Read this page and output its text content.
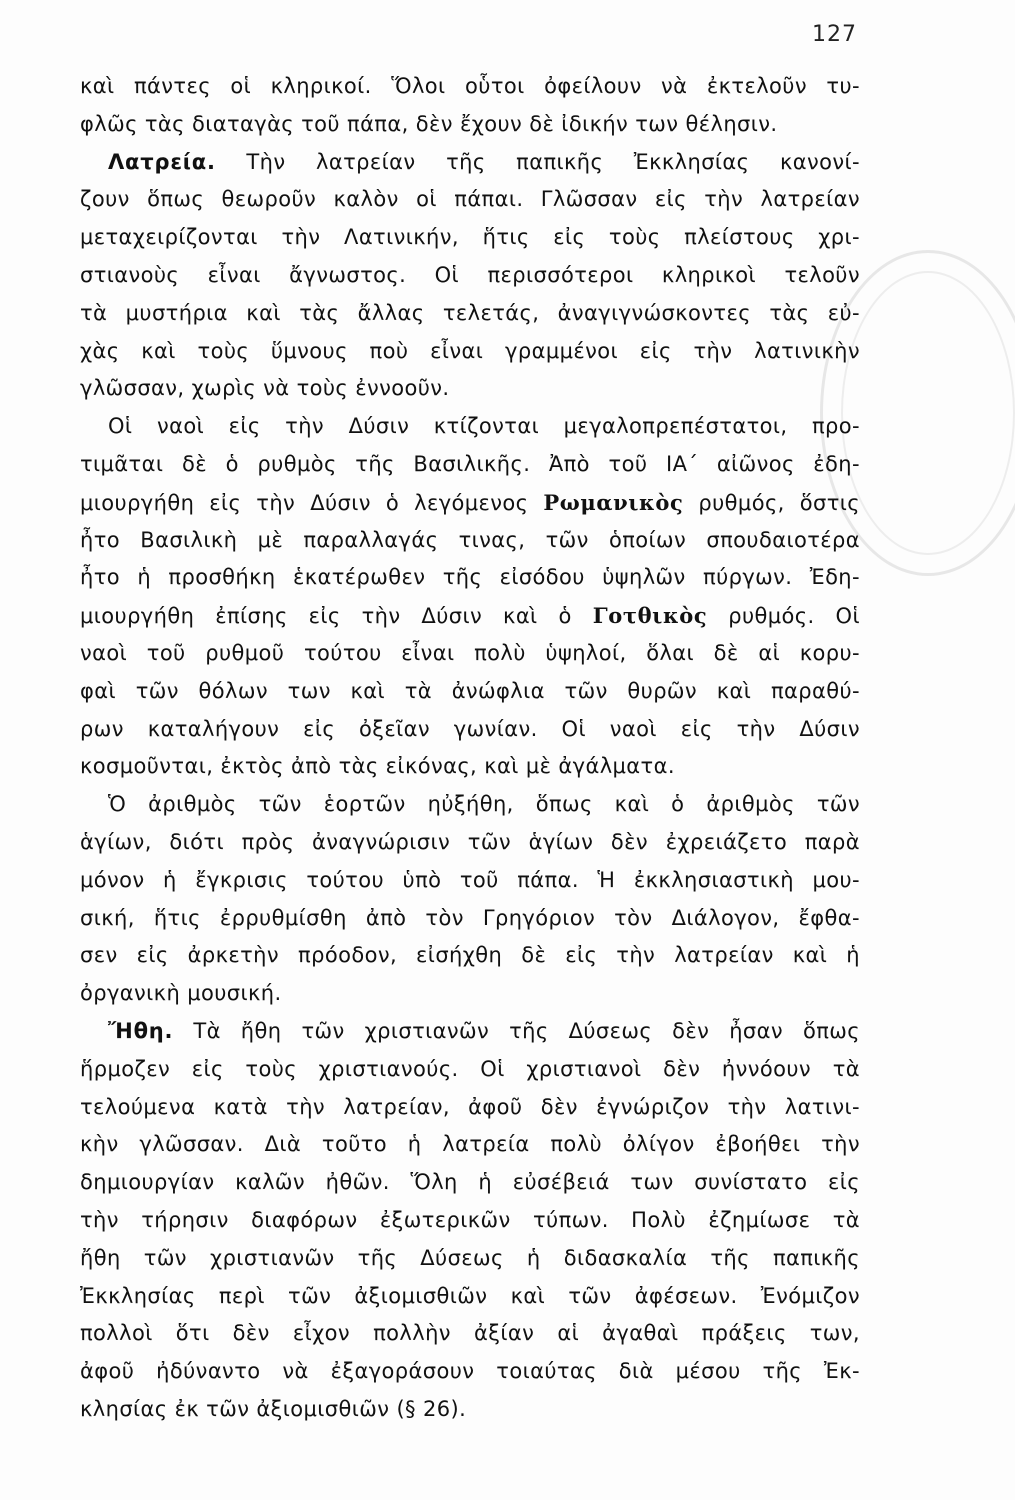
127
καὶ πάντες οἱ κληρικοί. Ὅλοι οὗτοι ὀφείλουν νὰ ἐκτελοῦν τυ-
φλῶς τὰς διαταγὰς τοῦ πάπα, δὲν ἔχουν δὲ ἰδικήν των θέλησιν.
Λατρεία. Τὴν λατρείαν τῆς παπικῆς Ἐκκλησίας κανονί-
ζουν ὅπως θεωροῦν καλὸν οἱ πάπαι. Γλῶσσαν εἰς τὴν λατρείαν
μεταχειρίζονται τὴν Λατινικήν, ἥτις εἰς τοὺς πλείστους χρι-
στιανοὺς εἶναι ἄγνωστος. Οἱ περισσότεροι κληρικοὶ τελοῦν
τὰ μυστήρια καὶ τὰς ἄλλας τελετάς, ἀναγιγνώσκοντες τὰς εὐ-
χὰς καὶ τοὺς ὕμνους ποὺ εἶναι γραμμένοι εἰς τὴν λατινικὴν
γλῶσσαν, χωρὶς νὰ τοὺς ἐννοοῦν.
Οἱ ναοὶ εἰς τὴν Δύσιν κτίζονται μεγαλοπρεπέστατοι, προ-
τιμᾶται δὲ ὁ ρυθμὸς τῆς Βασιλικῆς. Ἀπὸ τοῦ ΙΑ΄ αἰῶνος ἐδη-
μιουργήθη εἰς τὴν Δύσιν ὁ λεγόμενος Ρωμανικὸς ρυθμός, ὅστις
ἦτο Βασιλικὴ μὲ παραλλαγάς τινας, τῶν ὁποίων σπουδαιοτέρα
ἦτο ἡ προσθήκη ἑκατέρωθεν τῆς εἰσόδου ὑψηλῶν πύργων. Ἐδη-
μιουργήθη ἐπίσης εἰς τὴν Δύσιν καὶ ὁ Γοτθικὸς ρυθμός. Οἱ
ναοὶ τοῦ ρυθμοῦ τούτου εἶναι πολὺ ὑψηλοί, ὅλαι δὲ αἱ κορυ-
φαὶ τῶν θόλων των καὶ τὰ ἀνώφλια τῶν θυρῶν καὶ παραθύ-
ρων καταλήγουν εἰς ὀξεῖαν γωνίαν. Οἱ ναοὶ εἰς τὴν Δύσιν
κοσμοῦνται, ἐκτὸς ἀπὸ τὰς εἰκόνας, καὶ μὲ ἀγάλματα.
Ὁ ἀριθμὸς τῶν ἑορτῶν ηὐξήθη, ὅπως καὶ ὁ ἀριθμὸς τῶν
ἁγίων, διότι πρὸς ἀναγνώρισιν τῶν ἁγίων δὲν ἐχρειάζετο παρὰ
μόνον ἡ ἔγκρισις τούτου ὑπὸ τοῦ πάπα. Ἡ ἐκκλησιαστικὴ μου-
σική, ἥτις ἐρρυθμίσθη ἀπὸ τὸν Γρηγόριον τὸν Διάλογον, ἔφθα-
σεν εἰς ἀρκετὴν πρόοδον, εἰσήχθη δὲ εἰς τὴν λατρείαν καὶ ἡ
ὀργανικὴ μουσική.
Ἤθη. Τὰ ἤθη τῶν χριστιανῶν τῆς Δύσεως δὲν ἦσαν ὅπως
ἥρμοζεν εἰς τοὺς χριστιανούς. Οἱ χριστιανοὶ δὲν ἠννόουν τὰ
τελούμενα κατὰ τὴν λατρείαν, ἀφοῦ δὲν ἐγνώριζον τὴν λατινι-
κὴν γλῶσσαν. Διὰ τοῦτο ἡ λατρεία πολὺ ὀλίγον ἐβοήθει τὴν
δημιουργίαν καλῶν ἠθῶν. Ὅλη ἡ εὐσέβειά των συνίστατο εἰς
τὴν τήρησιν διαφόρων ἐξωτερικῶν τύπων. Πολὺ ἐζημίωσε τὰ
ἤθη τῶν χριστιανῶν τῆς Δύσεως ἡ διδασκαλία τῆς παπικῆς
Ἐκκλησίας περὶ τῶν ἀξιομισθιῶν καὶ τῶν ἀφέσεων. Ἐνόμιζον
πολλοὶ ὅτι δὲν εἶχον πολλὴν ἀξίαν αἱ ἀγαθαὶ πράξεις των,
ἀφοῦ ἠδύναντο νὰ ἐξαγοράσουν τοιαύτας διὰ μέσου τῆς Ἐκ-
κλησίας ἐκ τῶν ἀξιομισθιῶν (§ 26).
